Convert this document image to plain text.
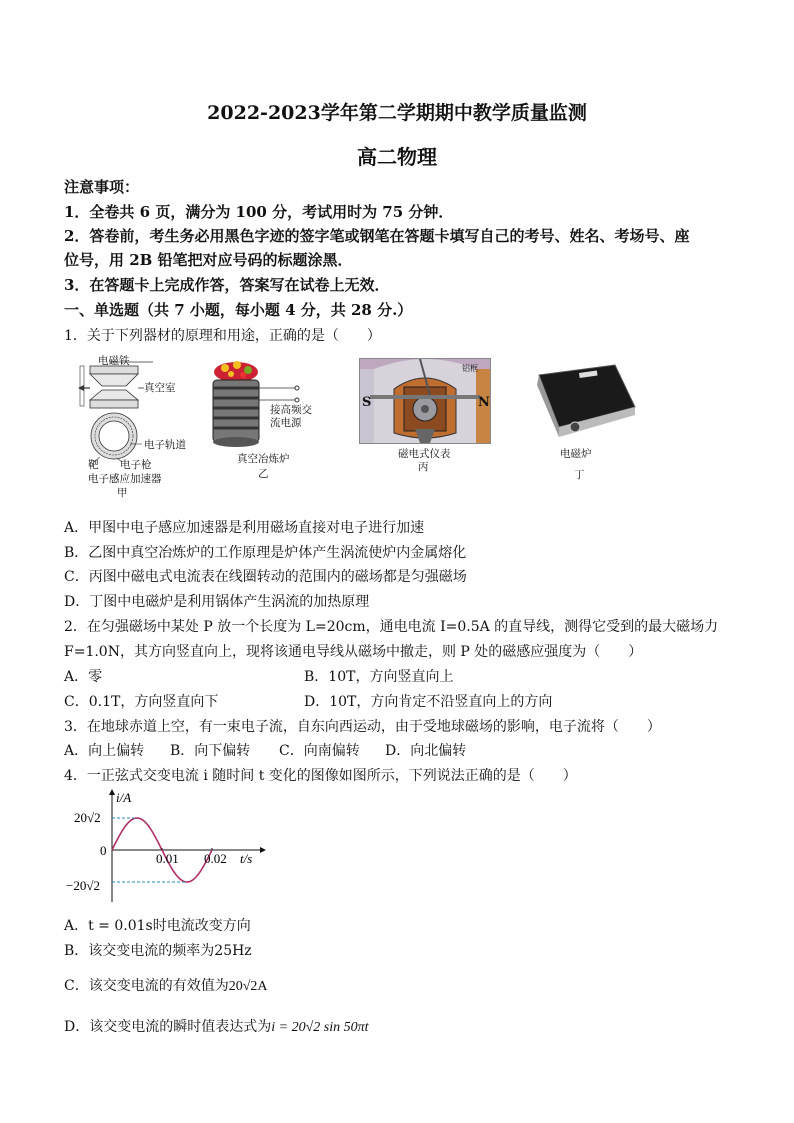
2022-2023学年第二学期期中教学质量监测
高二物理
注意事项：
1．全卷共 6 页，满分为 100 分，考试用时为 75 分钟．
2．答卷前，考生务必用黑色字迹的签字笔或钢笔在答题卡填写自己的考号、姓名、考场号、座
位号，用 2B 铅笔把对应号码的标题涂黑．
3．在答题卡上完成作答，答案写在试卷上无效．
一、单选题（共 7 小题，每小题 4 分，共 28 分.）
1．关于下列器材的原理和用途，正确的是（　　）
电磁铁
真空室
电子轨道
靶 电子枪
电子感应加速器
甲
接高频交
流电源
真空冶炼炉
乙
铝框
S	N
磁电式仪表
丙
电磁炉
丁
A．甲图中电子感应加速器是利用磁场直接对电子进行加速
B．乙图中真空冶炼炉的工作原理是炉体产生涡流使炉内金属熔化
C．丙图中磁电式电流表在线圈转动的范围内的磁场都是匀强磁场
D．丁图中电磁炉是利用锅体产生涡流的加热原理
2．在匀强磁场中某处 P 放一个长度为 L=20cm，通电电流 I=0.5A 的直导线，测得它受到的最大磁场力
F=1.0N，其方向竖直向上，现将该通电导线从磁场中撤走，则 P 处的磁感应强度为（　　）
A．零	B．10T，方向竖直向上
C．0.1T，方向竖直向下	D．10T，方向肯定不沿竖直向上的方向
3．在地球赤道上空，有一束电子流，自东向西运动，由于受地球磁场的影响，电子流将（　　）
A．向上偏转 B．向下偏转 C．向南偏转 D．向北偏转
4．一正弦式交变电流 i 随时间 t 变化的图像如图所示，下列说法正确的是（　　）
i/A
t/s
20√2
0
−20√2
0.01 0.02
A．t = 0.01s时电流改变方向
B．该交变电流的频率为25Hz
C．该交变电流的有效值为20√2A
D．该交变电流的瞬时值表达式为i = 20√2 sin 50πt
